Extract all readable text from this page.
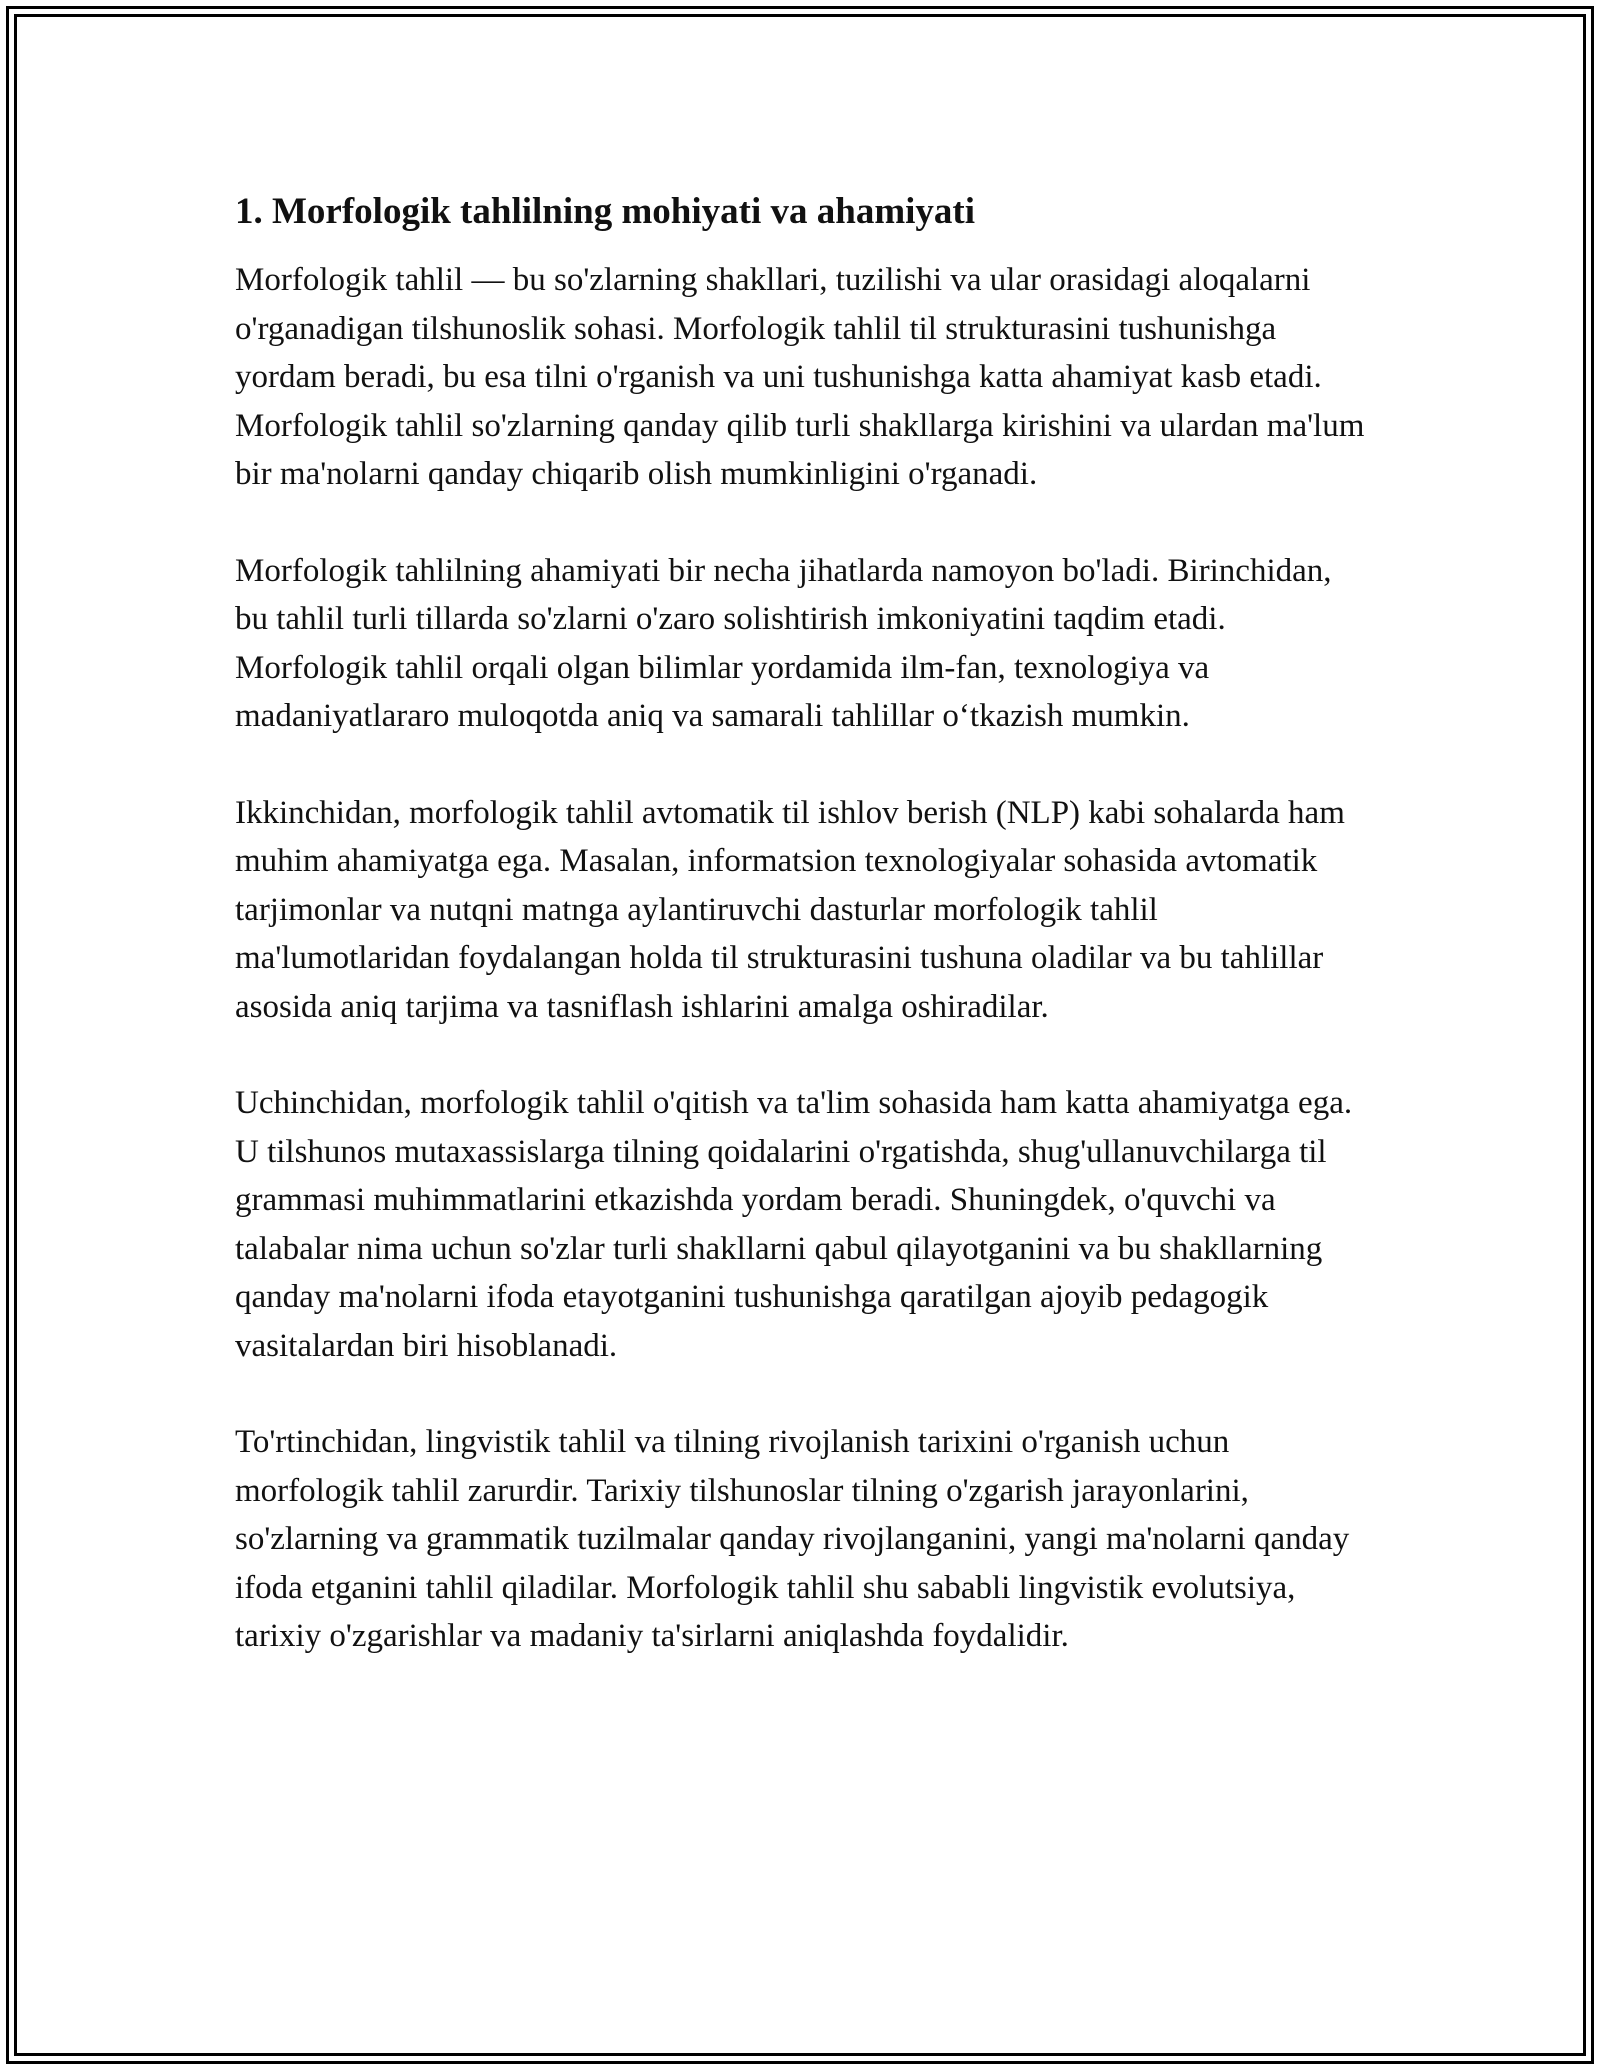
1. Morfologik tahlilning mohiyati va ahamiyati

Morfologik tahlil — bu so'zlarning shakllari, tuzilishi va ular orasidagi aloqalarni o'rganadigan tilshunoslik sohasi. Morfologik tahlil til strukturasini tushunishga yordam beradi, bu esa tilni o'rganish va uni tushunishga katta ahamiyat kasb etadi. Morfologik tahlil so'zlarning qanday qilib turli shakllarga kirishini va ulardan ma'lum bir ma'nolarni qanday chiqarib olish mumkinligini o'rganadi.

Morfologik tahlilning ahamiyati bir necha jihatlarda namoyon bo'ladi. Birinchidan, bu tahlil turli tillarda so'zlarni o'zaro solishtirish imkoniyatini taqdim etadi. Morfologik tahlil orqali olgan bilimlar yordamida ilm-fan, texnologiya va madaniyatlararo muloqotda aniq va samarali tahlillar o‘tkazish mumkin.

Ikkinchidan, morfologik tahlil avtomatik til ishlov berish (NLP) kabi sohalarda ham muhim ahamiyatga ega. Masalan, informatsion texnologiyalar sohasida avtomatik tarjimonlar va nutqni matnga aylantiruvchi dasturlar morfologik tahlil ma'lumotlaridan foydalangan holda til strukturasini tushuna oladilar va bu tahlillar asosida aniq tarjima va tasniflash ishlarini amalga oshiradilar.

Uchinchidan, morfologik tahlil o'qitish va ta'lim sohasida ham katta ahamiyatga ega. U tilshunos mutaxassislarga tilning qoidalarini o'rgatishda, shug'ullanuvchilarga til grammasi muhimmatlarini etkazishda yordam beradi. Shuningdek, o'quvchi va talabalar nima uchun so'zlar turli shakllarni qabul qilayotganini va bu shakllarning qanday ma'nolarni ifoda etayotganini tushunishga qaratilgan ajoyib pedagogik vasitalardan biri hisoblanadi.

To'rtinchidan, lingvistik tahlil va tilning rivojlanish tarixini o'rganish uchun morfologik tahlil zarurdir. Tarixiy tilshunoslar tilning o'zgarish jarayonlarini, so'zlarning va grammatik tuzilmalar qanday rivojlanganini, yangi ma'nolarni qanday ifoda etganini tahlil qiladilar. Morfologik tahlil shu sababli lingvistik evolutsiya, tarixiy o'zgarishlar va madaniy ta'sirlarni aniqlashda foydalidir.
